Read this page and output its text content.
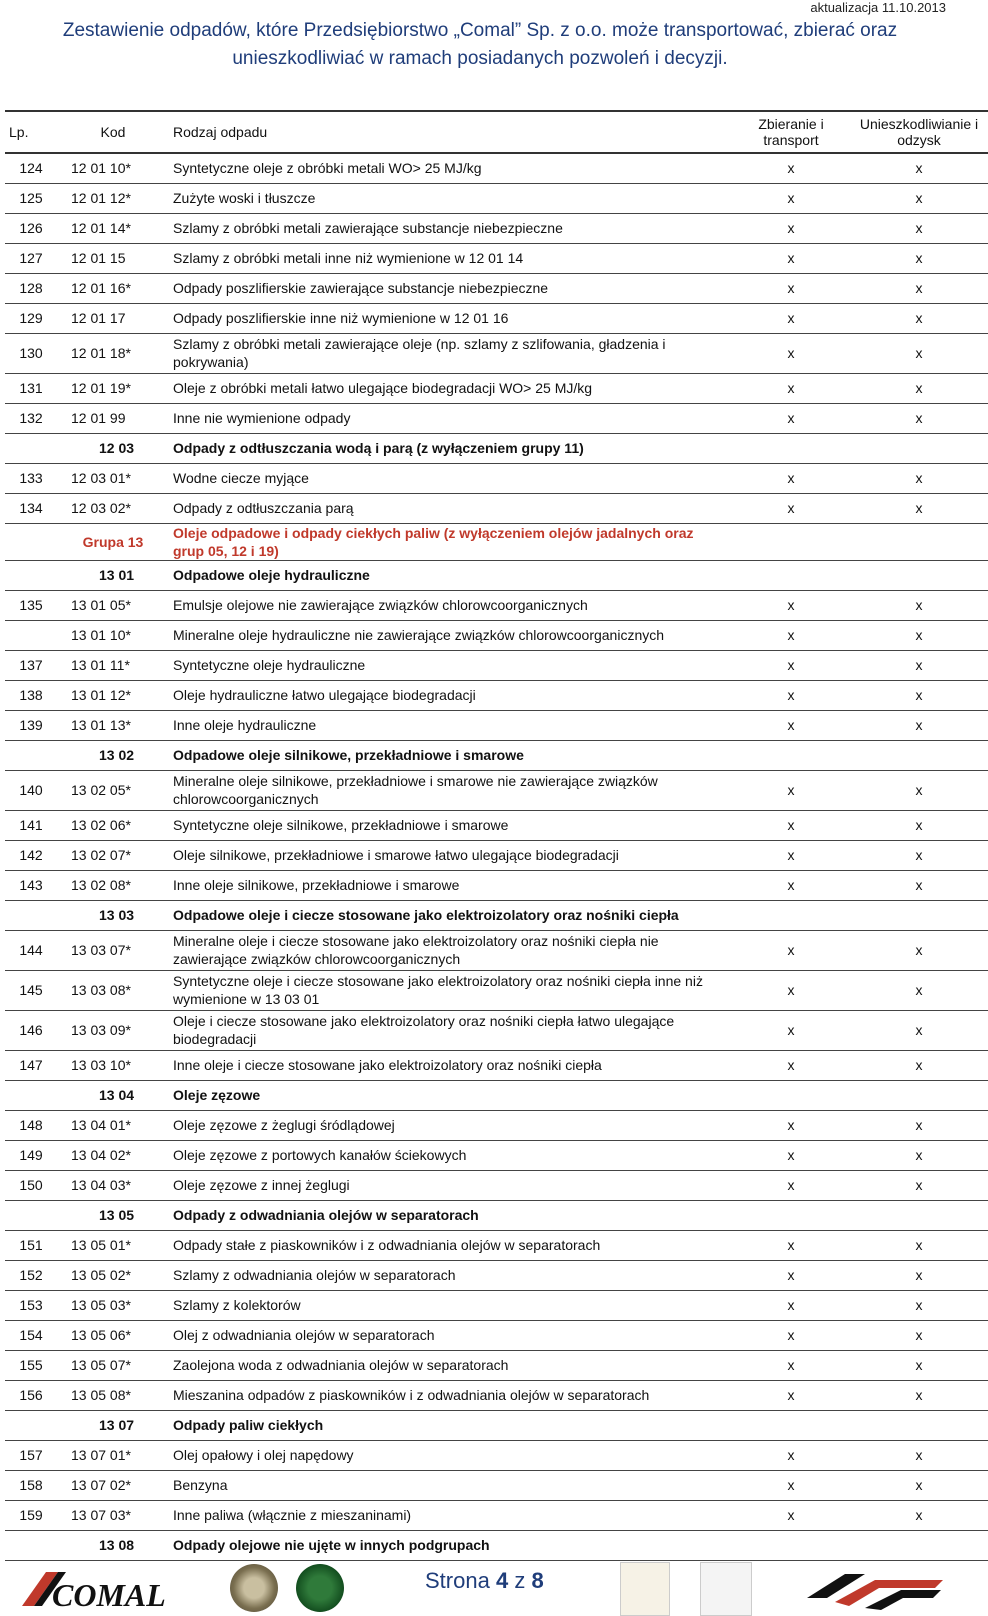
aktualizacja 11.10.2013
Zestawienie odpadów, które Przedsiębiorstwo „Comal” Sp. z o.o. może transportować, zbierać oraz
unieszkodliwiać w ramach posiadanych pozwoleń i decyzji.
Lp.	Kod	Rodzaj odpadu	Zbieranie i transport	Unieszkodliwianie i odzysk
124	12 01 10*	Syntetyczne oleje z obróbki metali WO> 25 MJ/kg	x	x
125	12 01 12*	Zużyte woski i tłuszcze	x	x
126	12 01 14*	Szlamy z obróbki metali zawierające substancje niebezpieczne	x	x
127	12 01 15	Szlamy z obróbki metali inne niż wymienione w 12 01 14	x	x
128	12 01 16*	Odpady poszlifierskie zawierające substancje niebezpieczne	x	x
129	12 01 17	Odpady poszlifierskie inne niż wymienione w 12 01 16	x	x
130	12 01 18*	Szlamy z obróbki metali zawierające oleje (np. szlamy z szlifowania, gładzenia i pokrywania)	x	x
131	12 01 19*	Oleje z obróbki metali łatwo ulegające biodegradacji WO> 25 MJ/kg	x	x
132	12 01 99	Inne nie wymienione odpady	x	x
	12 03	Odpady z odtłuszczania wodą i parą (z wyłączeniem grupy 11)		
133	12 03 01*	Wodne ciecze myjące	x	x
134	12 03 02*	Odpady z odtłuszczania parą	x	x
	Grupa 13	Oleje odpadowe i odpady ciekłych paliw (z wyłączeniem olejów jadalnych oraz grup 05, 12 i 19)		
	13 01	Odpadowe oleje hydrauliczne		
135	13 01 05*	Emulsje olejowe nie zawierające związków chlorowcoorganicznych	x	x
	13 01 10*	Mineralne oleje hydrauliczne nie zawierające związków chlorowcoorganicznych	x	x
137	13 01 11*	Syntetyczne oleje hydrauliczne	x	x
138	13 01 12*	Oleje hydrauliczne łatwo ulegające biodegradacji	x	x
139	13 01 13*	Inne oleje hydrauliczne	x	x
	13 02	Odpadowe oleje silnikowe, przekładniowe i smarowe		
140	13 02 05*	Mineralne oleje silnikowe, przekładniowe i smarowe nie zawierające związków chlorowcoorganicznych	x	x
141	13 02 06*	Syntetyczne oleje silnikowe, przekładniowe i smarowe	x	x
142	13 02 07*	Oleje silnikowe, przekładniowe i smarowe łatwo ulegające biodegradacji	x	x
143	13 02 08*	Inne oleje silnikowe, przekładniowe i smarowe	x	x
	13 03	Odpadowe oleje i ciecze stosowane jako elektroizolatory oraz nośniki ciepła		
144	13 03 07*	Mineralne oleje i ciecze stosowane jako elektroizolatory oraz nośniki ciepła nie zawierające związków chlorowcoorganicznych	x	x
145	13 03 08*	Syntetyczne oleje i ciecze stosowane jako elektroizolatory oraz nośniki ciepła inne niż wymienione w 13 03 01	x	x
146	13 03 09*	Oleje i ciecze stosowane jako elektroizolatory oraz nośniki ciepła łatwo ulegające biodegradacji	x	x
147	13 03 10*	Inne oleje i ciecze stosowane jako elektroizolatory oraz nośniki ciepła	x	x
	13 04	Oleje zęzowe		
148	13 04 01*	Oleje zęzowe z żeglugi śródlądowej	x	x
149	13 04 02*	Oleje zęzowe z portowych kanałów ściekowych	x	x
150	13 04 03*	Oleje zęzowe z innej żeglugi	x	x
	13 05	Odpady z odwadniania olejów w separatorach		
151	13 05 01*	Odpady stałe z piaskowników i z odwadniania olejów w separatorach	x	x
152	13 05 02*	Szlamy z odwadniania olejów w separatorach	x	x
153	13 05 03*	Szlamy z kolektorów	x	x
154	13 05 06*	Olej z odwadniania olejów w separatorach	x	x
155	13 05 07*	Zaolejona woda z odwadniania olejów w separatorach	x	x
156	13 05 08*	Mieszanina odpadów z piaskowników i z odwadniania olejów w separatorach	x	x
	13 07	Odpady paliw ciekłych		
157	13 07 01*	Olej opałowy i olej napędowy	x	x
158	13 07 02*	Benzyna	x	x
159	13 07 03*	Inne paliwa (włącznie z mieszaninami)	x	x
	13 08	Odpady olejowe nie ujęte w innych podgrupach		
COMAL	Strona 4 z 8
